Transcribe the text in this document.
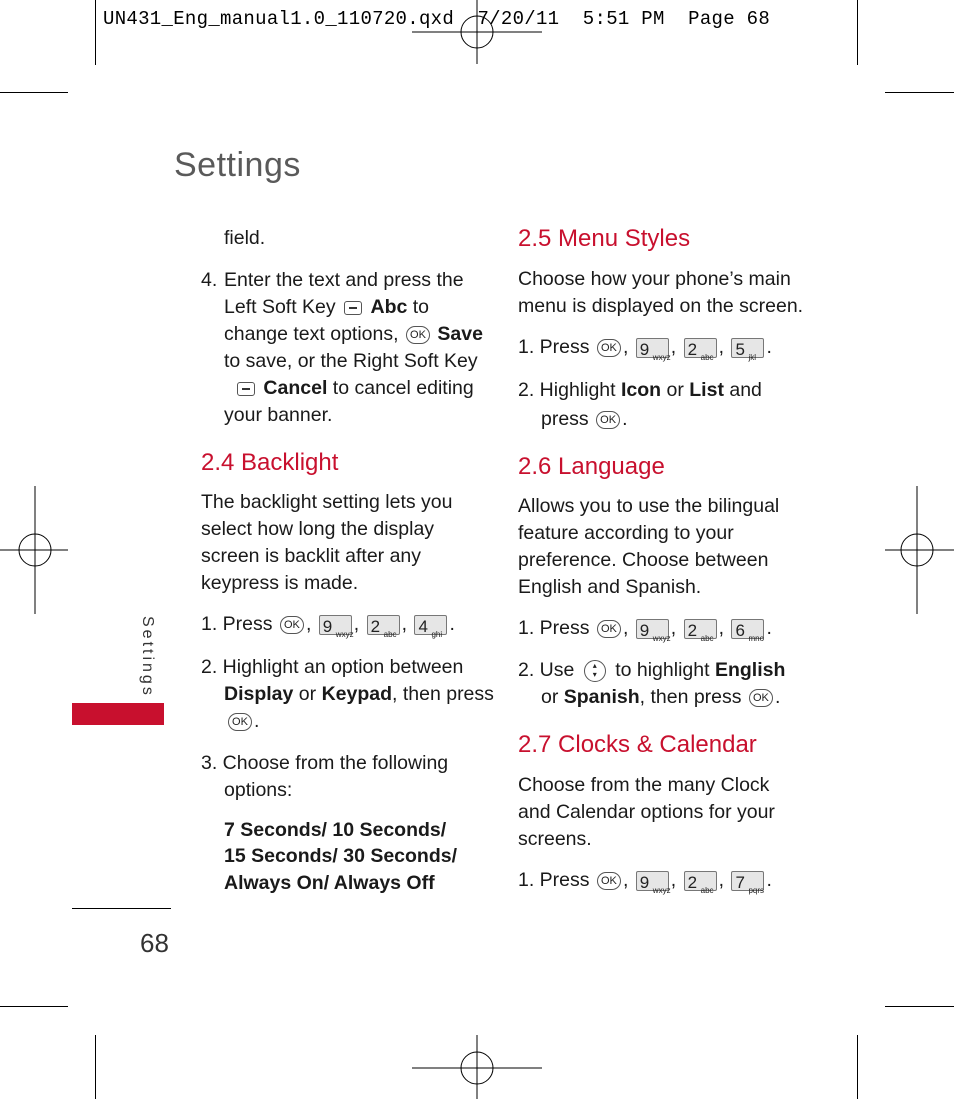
UN431_Eng_manual1.0_110720.qxd 7/20/11 5:51 PM Page 68
Settings
Settings
68
field.
4. Enter the text and press the
Left Soft Key Abc to
change text options, OK Save
to save, or the Right Soft Key
Cancel to cancel editing
your banner.
2.4 Backlight
The backlight setting lets you
select how long the display
screen is backlit after any
keypress is made.
1. Press OK , 9 wxyz , 2 abc , 4 ghi .
2. Highlight an option between
Display or Keypad, then press
OK .
3. Choose from the following
options:
7 Seconds/ 10 Seconds/
15 Seconds/ 30 Seconds/
Always On/ Always Off
2.5 Menu Styles
Choose how your phone’s main
menu is displayed on the screen.
1. Press OK , 9 wxyz , 2 abc , 5 jkl .
2. Highlight Icon or List and
press OK .
2.6 Language
Allows you to use the bilingual
feature according to your
preference. Choose between
English and Spanish.
1. Press OK , 9 wxyz , 2 abc , 6 mno .
2. Use ▴
▾ to highlight English
or Spanish, then press OK .
2.7 Clocks & Calendar
Choose from the many Clock
and Calendar options for your
screens.
1. Press OK , 9 wxyz , 2 abc , 7 pqrs .
